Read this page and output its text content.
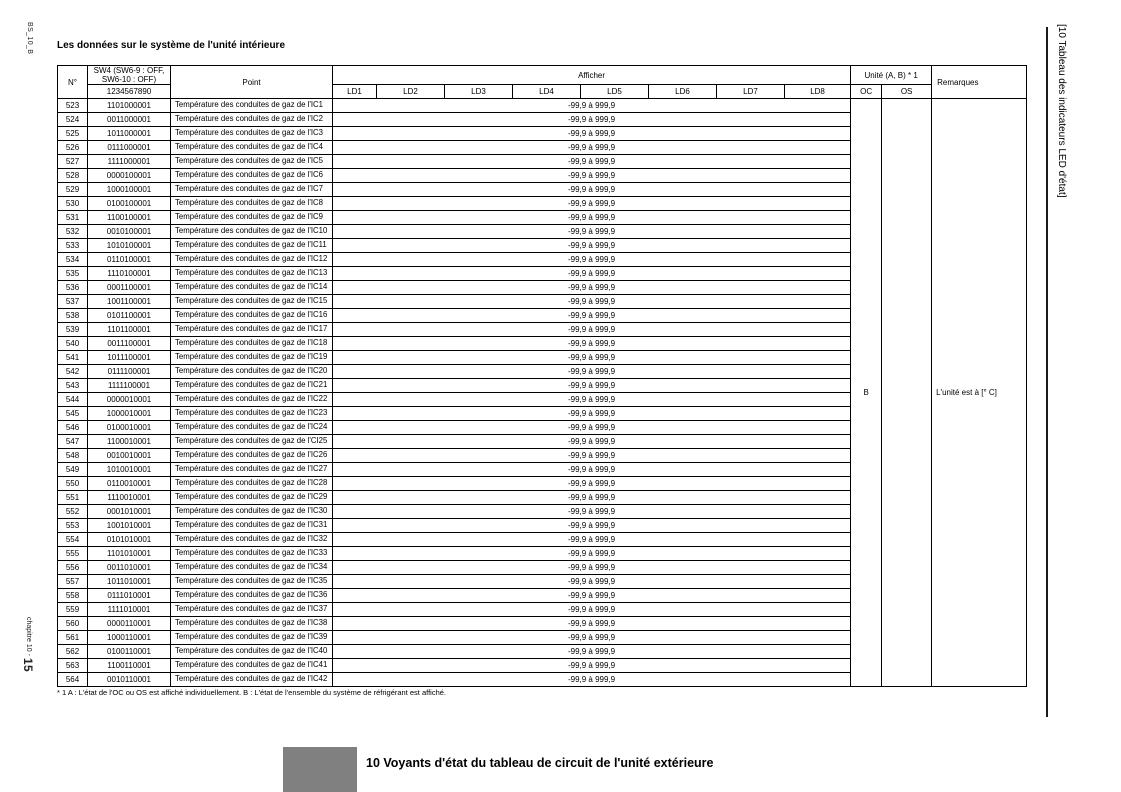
BS_10_B
chapitre 10 - 15
Les données sur le système de l'unité intérieure
N°	SW4 (SW6-9 : OFF,
SW6-10 : OFF)	Point	Afficher								Unité (A, B) * 1		Remarques
	1234567890		LD1	LD2	LD3	LD4	LD5	LD6	LD7	LD8	OC	OS	
523	1101000001	Température des conduites de gaz de l'IC1	-99,9 à 999,9								B		L'unité est à [° C]
524	0011000001	Température des conduites de gaz de l'IC2	-99,9 à 999,9										
525	1011000001	Température des conduites de gaz de l'IC3	-99,9 à 999,9										
526	0111000001	Température des conduites de gaz de l'IC4	-99,9 à 999,9										
527	1111000001	Température des conduites de gaz de l'IC5	-99,9 à 999,9										
528	0000100001	Température des conduites de gaz de l'IC6	-99,9 à 999,9										
529	1000100001	Température des conduites de gaz de l'IC7	-99,9 à 999,9										
530	0100100001	Température des conduites de gaz de l'IC8	-99,9 à 999,9										
531	1100100001	Température des conduites de gaz de l'IC9	-99,9 à 999,9										
532	0010100001	Température des conduites de gaz de l'IC10	-99,9 à 999,9										
533	1010100001	Température des conduites de gaz de l'IC11	-99,9 à 999,9										
534	0110100001	Température des conduites de gaz de l'IC12	-99,9 à 999,9										
535	1110100001	Température des conduites de gaz de l'IC13	-99,9 à 999,9										
536	0001100001	Température des conduites de gaz de l'IC14	-99,9 à 999,9										
537	1001100001	Température des conduites de gaz de l'IC15	-99,9 à 999,9										
538	0101100001	Température des conduites de gaz de l'IC16	-99,9 à 999,9										
539	1101100001	Température des conduites de gaz de l'IC17	-99,9 à 999,9										
540	0011100001	Température des conduites de gaz de l'IC18	-99,9 à 999,9										
541	1011100001	Température des conduites de gaz de l'IC19	-99,9 à 999,9										
542	0111100001	Température des conduites de gaz de l'IC20	-99,9 à 999,9										
543	1111100001	Température des conduites de gaz de l'IC21	-99,9 à 999,9										
544	0000010001	Température des conduites de gaz de l'IC22	-99,9 à 999,9										
545	1000010001	Température des conduites de gaz de l'IC23	-99,9 à 999,9										
546	0100010001	Température des conduites de gaz de l'IC24	-99,9 à 999,9										
547	1100010001	Température des conduites de gaz de l'CI25	-99,9 à 999,9										
548	0010010001	Température des conduites de gaz de l'IC26	-99,9 à 999,9										
549	1010010001	Température des conduites de gaz de l'IC27	-99,9 à 999,9										
550	0110010001	Température des conduites de gaz de l'IC28	-99,9 à 999,9										
551	1110010001	Température des conduites de gaz de l'IC29	-99,9 à 999,9										
552	0001010001	Température des conduites de gaz de l'IC30	-99,9 à 999,9										
553	1001010001	Température des conduites de gaz de l'IC31	-99,9 à 999,9										
554	0101010001	Température des conduites de gaz de l'IC32	-99,9 à 999,9										
555	1101010001	Température des conduites de gaz de l'IC33	-99,9 à 999,9										
556	0011010001	Température des conduites de gaz de l'IC34	-99,9 à 999,9										
557	1011010001	Température des conduites de gaz de l'IC35	-99,9 à 999,9										
558	0111010001	Température des conduites de gaz de l'IC36	-99,9 à 999,9										
559	1111010001	Température des conduites de gaz de l'IC37	-99,9 à 999,9										
560	0000110001	Température des conduites de gaz de l'IC38	-99,9 à 999,9										
561	1000110001	Température des conduites de gaz de l'IC39	-99,9 à 999,9										
562	0100110001	Température des conduites de gaz de l'IC40	-99,9 à 999,9										
563	1100110001	Température des conduites de gaz de l'IC41	-99,9 à 999,9										
564	0010110001	Température des conduites de gaz de l'IC42	-99,9 à 999,9										
* 1 A : L'état de l'OC ou OS est affiché individuellement. B : L'état de l'ensemble du système de réfrigérant est affiché.
[10 Tableau des indicateurs LED d'état]
10 Voyants d'état du tableau de circuit de l'unité extérieure
